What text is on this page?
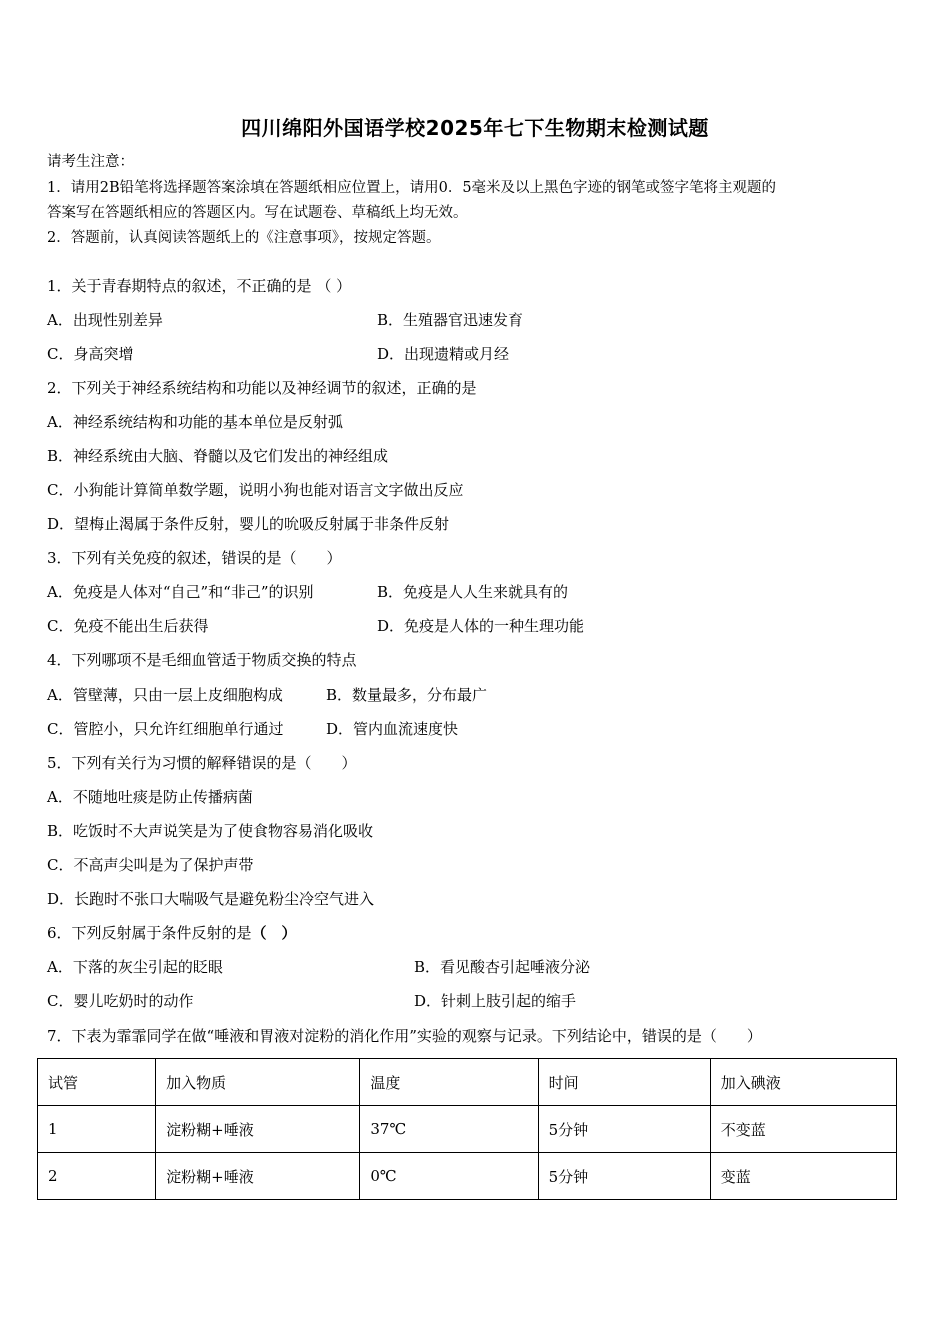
四川绵阳外国语学校2025年七下生物期末检测试题
请考生注意：
1．请用2B铅笔将选择题答案涂填在答题纸相应位置上，请用0．5毫米及以上黑色字迹的钢笔或签字笔将主观题的
答案写在答题纸相应的答题区内。写在试题卷、草稿纸上均无效。
2．答题前，认真阅读答题纸上的《注意事项》，按规定答题。
1．关于青春期特点的叙述，不正确的是 （ ）
A．出现性别差异	B．生殖器官迅速发育
C．身高突增	D．出现遗精或月经
2．下列关于神经系统结构和功能以及神经调节的叙述，正确的是
A．神经系统结构和功能的基本单位是反射弧
B．神经系统由大脑、脊髓以及它们发出的神经组成
C．小狗能计算简单数学题，说明小狗也能对语言文字做出反应
D．望梅止渴属于条件反射，婴儿的吮吸反射属于非条件反射
3．下列有关免疫的叙述，错误的是（　　）
A．免疫是人体对“自己”和“非己”的识别	B．免疫是人人生来就具有的
C．免疫不能出生后获得	D．免疫是人体的一种生理功能
4．下列哪项不是毛细血管适于物质交换的特点
A．管壁薄，只由一层上皮细胞构成	B．数量最多，分布最广
C．管腔小，只允许红细胞单行通过	D．管内血流速度快
5．下列有关行为习惯的解释错误的是（　　）
A．不随地吐痰是防止传播病菌
B．吃饭时不大声说笑是为了使食物容易消化吸收
C．不高声尖叫是为了保护声带
D．长跑时不张口大喘吸气是避免粉尘冷空气进入
6．下列反射属于条件反射的是（　）
A．下落的灰尘引起的眨眼	B．看见酸杏引起唾液分泌
C．婴儿吃奶时的动作	D．针刺上肢引起的缩手
7．下表为霏霏同学在做“唾液和胃液对淀粉的消化作用”实验的观察与记录。下列结论中，错误的是（　　）
试管	加入物质	温度	时间	加入碘液
1	淀粉糊+唾液	37℃	5分钟	不变蓝
2	淀粉糊+唾液	0℃	5分钟	变蓝
